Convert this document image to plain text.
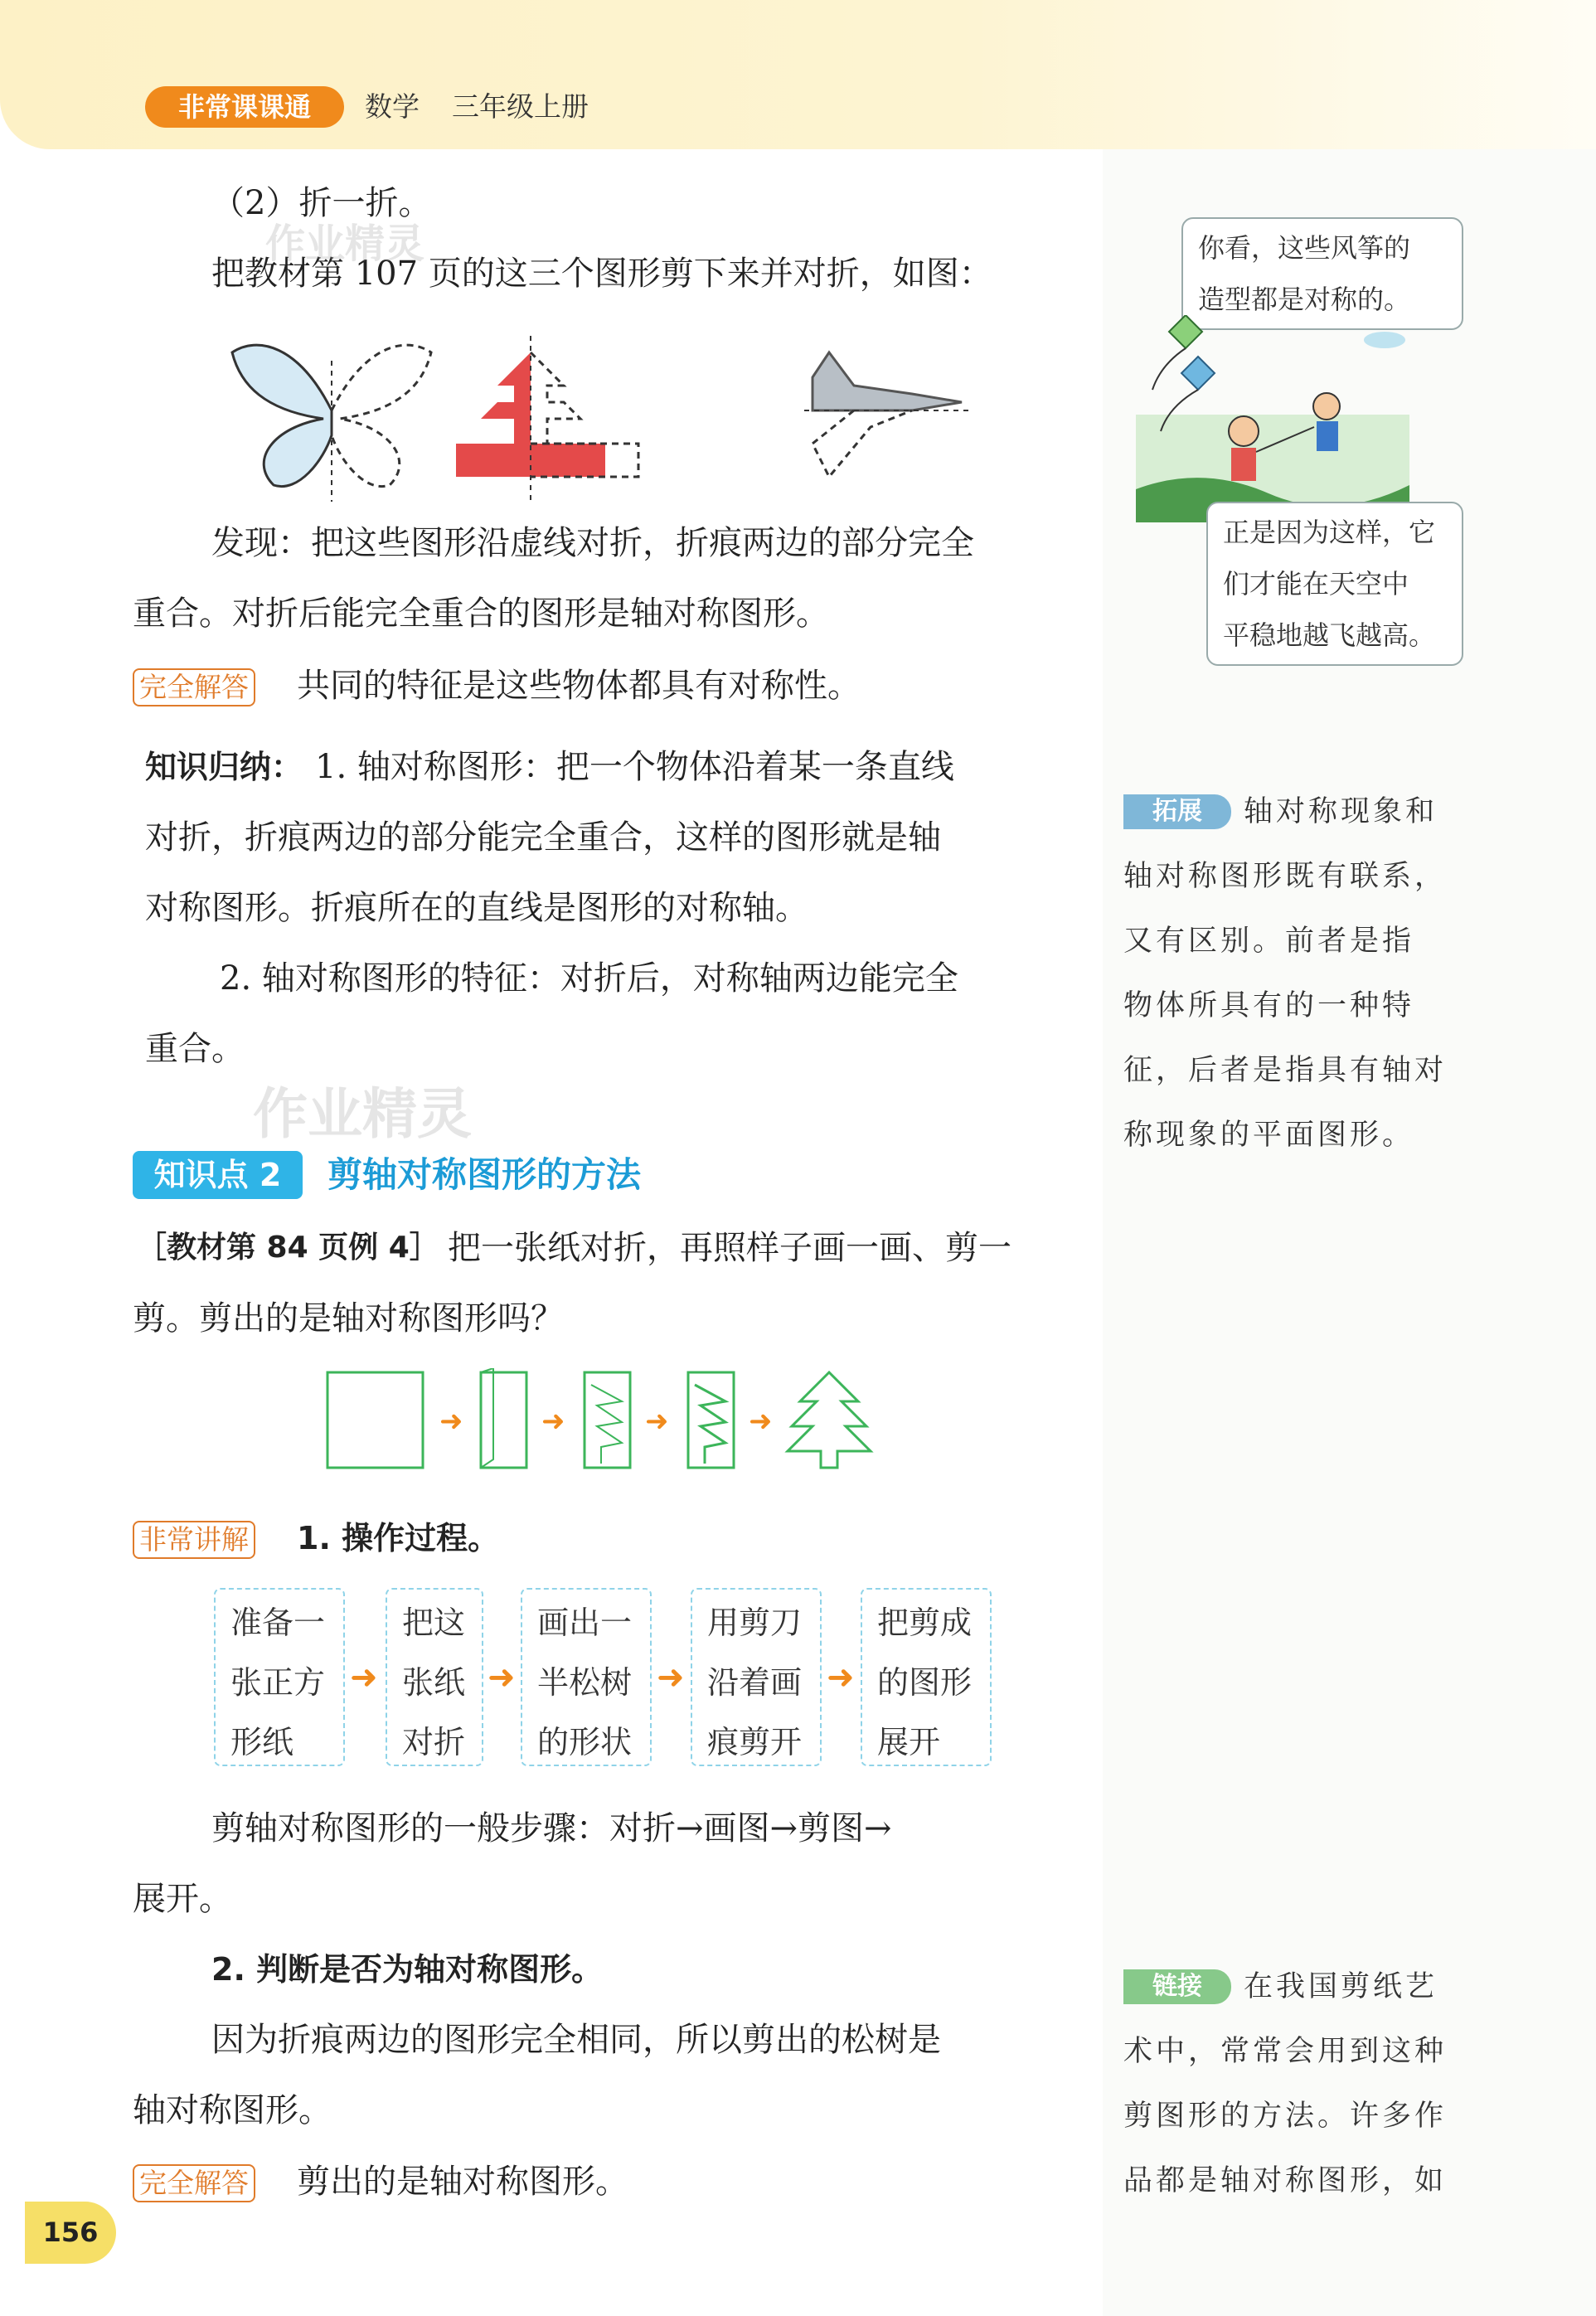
非常课课通	数学 三年级上册
（2）折一折。
把教材第 107 页的这三个图形剪下来并对折，如图：
发现：把这些图形沿虚线对折，折痕两边的部分完全
重合。对折后能完全重合的图形是轴对称图形。
完全解答 共同的特征是这些物体都具有对称性。
知识归纳： 1. 轴对称图形：把一个物体沿着某一条直线
对折，折痕两边的部分能完全重合，这样的图形就是轴
对称图形。折痕所在的直线是图形的对称轴。
2. 轴对称图形的特征：对折后，对称轴两边能完全
重合。
作业精灵
作业精灵
知识点 2	剪轴对称图形的方法
［教材第 84 页例 4］ 把一张纸对折，再照样子画一画、剪一
剪。剪出的是轴对称图形吗？
➜	➜	➜	➜
非常讲解 1. 操作过程。
准备一
张正方
形纸
➜
把这
张纸
对折
➜
画出一
半松树
的形状
➜
用剪刀
沿着画
痕剪开
➜
把剪成
的图形
展开
剪轴对称图形的一般步骤：对折→画图→剪图→
展开。
2. 判断是否为轴对称图形。
因为折痕两边的图形完全相同，所以剪出的松树是
轴对称图形。
完全解答 剪出的是轴对称图形。
你看，这些风筝的
造型都是对称的。
正是因为这样，它
们才能在天空中
平稳地越飞越高。
拓展	轴对称现象和
轴对称图形既有联系，
又有区别。前者是指
物体所具有的一种特
征，后者是指具有轴对
称现象的平面图形。
链接	在我国剪纸艺
术中，常常会用到这种
剪图形的方法。许多作
品都是轴对称图形，如
156
